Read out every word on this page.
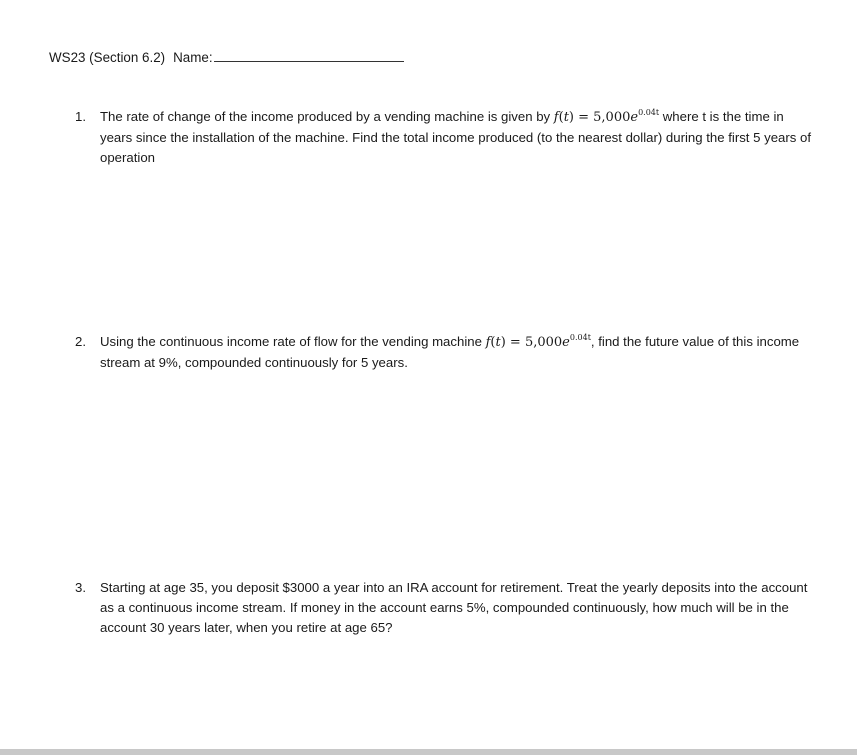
WS23 (Section 6.2) Name:
1.	The rate of change of the income produced by a vending machine is given by $f(t) = 5,000e^{0.04t}$ where t is the time in years since the installation of the machine. Find the total income produced (to the nearest dollar) during the first 5 years of operation

2.	Using the continuous income rate of flow for the vending machine $f(t) = 5,000e^{0.04t}$, find the future value of this income stream at 9%, compounded continuously for 5 years.

3.	Starting at age 35, you deposit $3000 a year into an IRA account for retirement. Treat the yearly deposits into the account as a continuous income stream. If money in the account earns 5%, compounded continuously, how much will be in the account 30 years later, when you retire at age 65?
